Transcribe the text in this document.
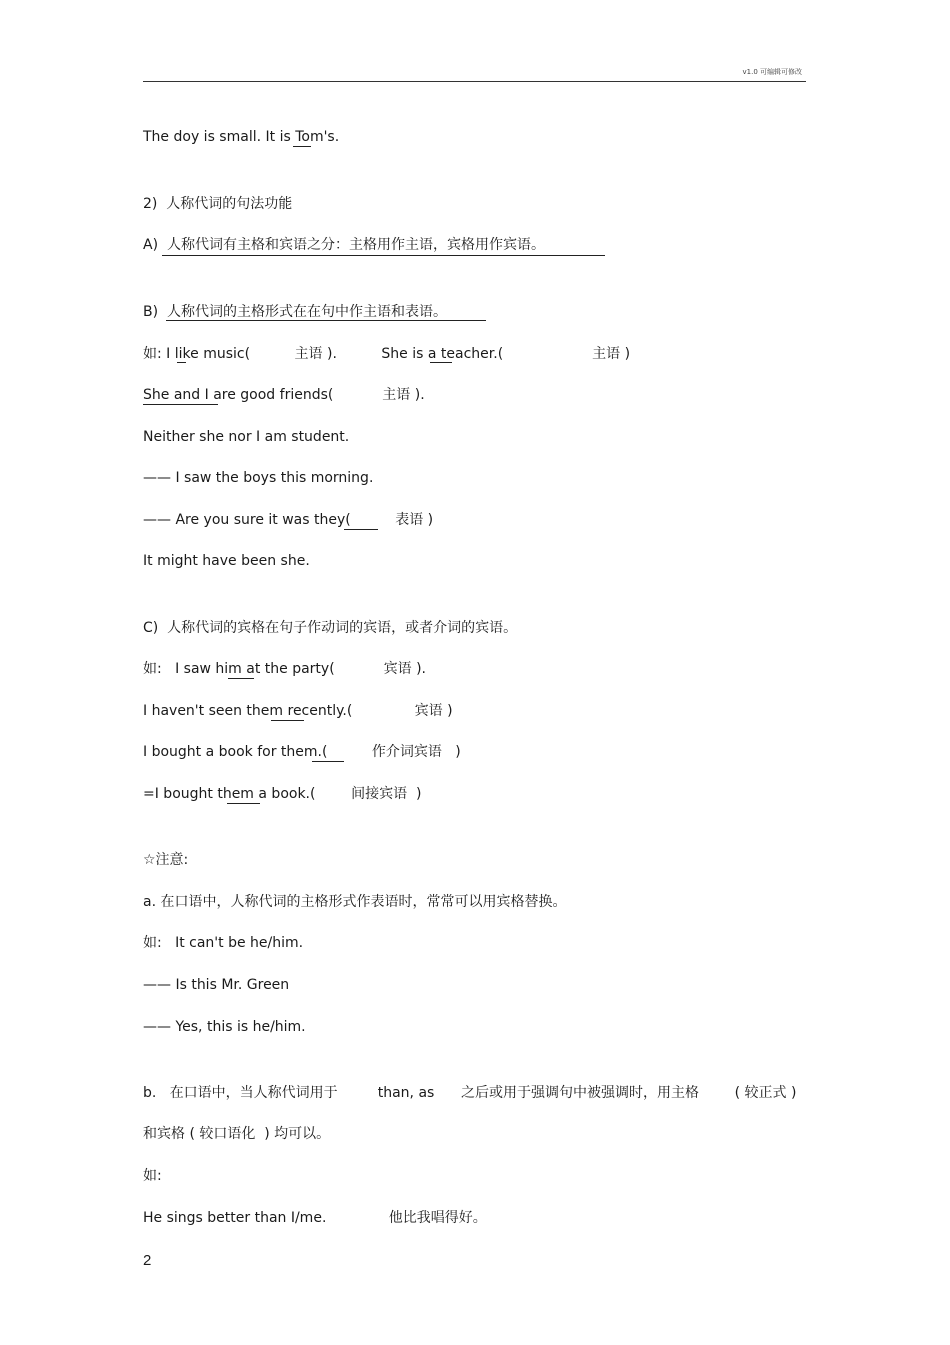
v1.0 可编辑可修改
The doy is small. It is Tom's.
2)  人称代词的句法功能
A)  人称代词有主格和宾语之分：主格用作主语，宾格用作宾语。
B)  人称代词的主格形式在在句中作主语和表语。
如: I like music(          主语 ).          She is a teacher.(                    主语 )
She and I are good friends(           主语 ).
Neither she nor I am student.
—— I saw the boys this morning.
—— Are you sure it was they(          表语 )
It might have been she.
C)  人称代词的宾格在句子作动词的宾语，或者介词的宾语。
如:   I saw him at the party(           宾语 ).
I haven't seen them recently.(              宾语 )
I bought a book for them.(          作介词宾语   )
=I bought them a book.(        间接宾语  )
☆注意:
a. 在口语中，人称代词的主格形式作表语时，常常可以用宾格替换。
如:   It can't be he/him.
—— Is this Mr. Green
—— Yes, this is he/him.
b.   在口语中，当人称代词用于         than, as      之后或用于强调句中被强调时，用主格        ( 较正式 )
和宾格 ( 较口语化  ) 均可以。
如:
He sings better than I/me.              他比我唱得好。
2
